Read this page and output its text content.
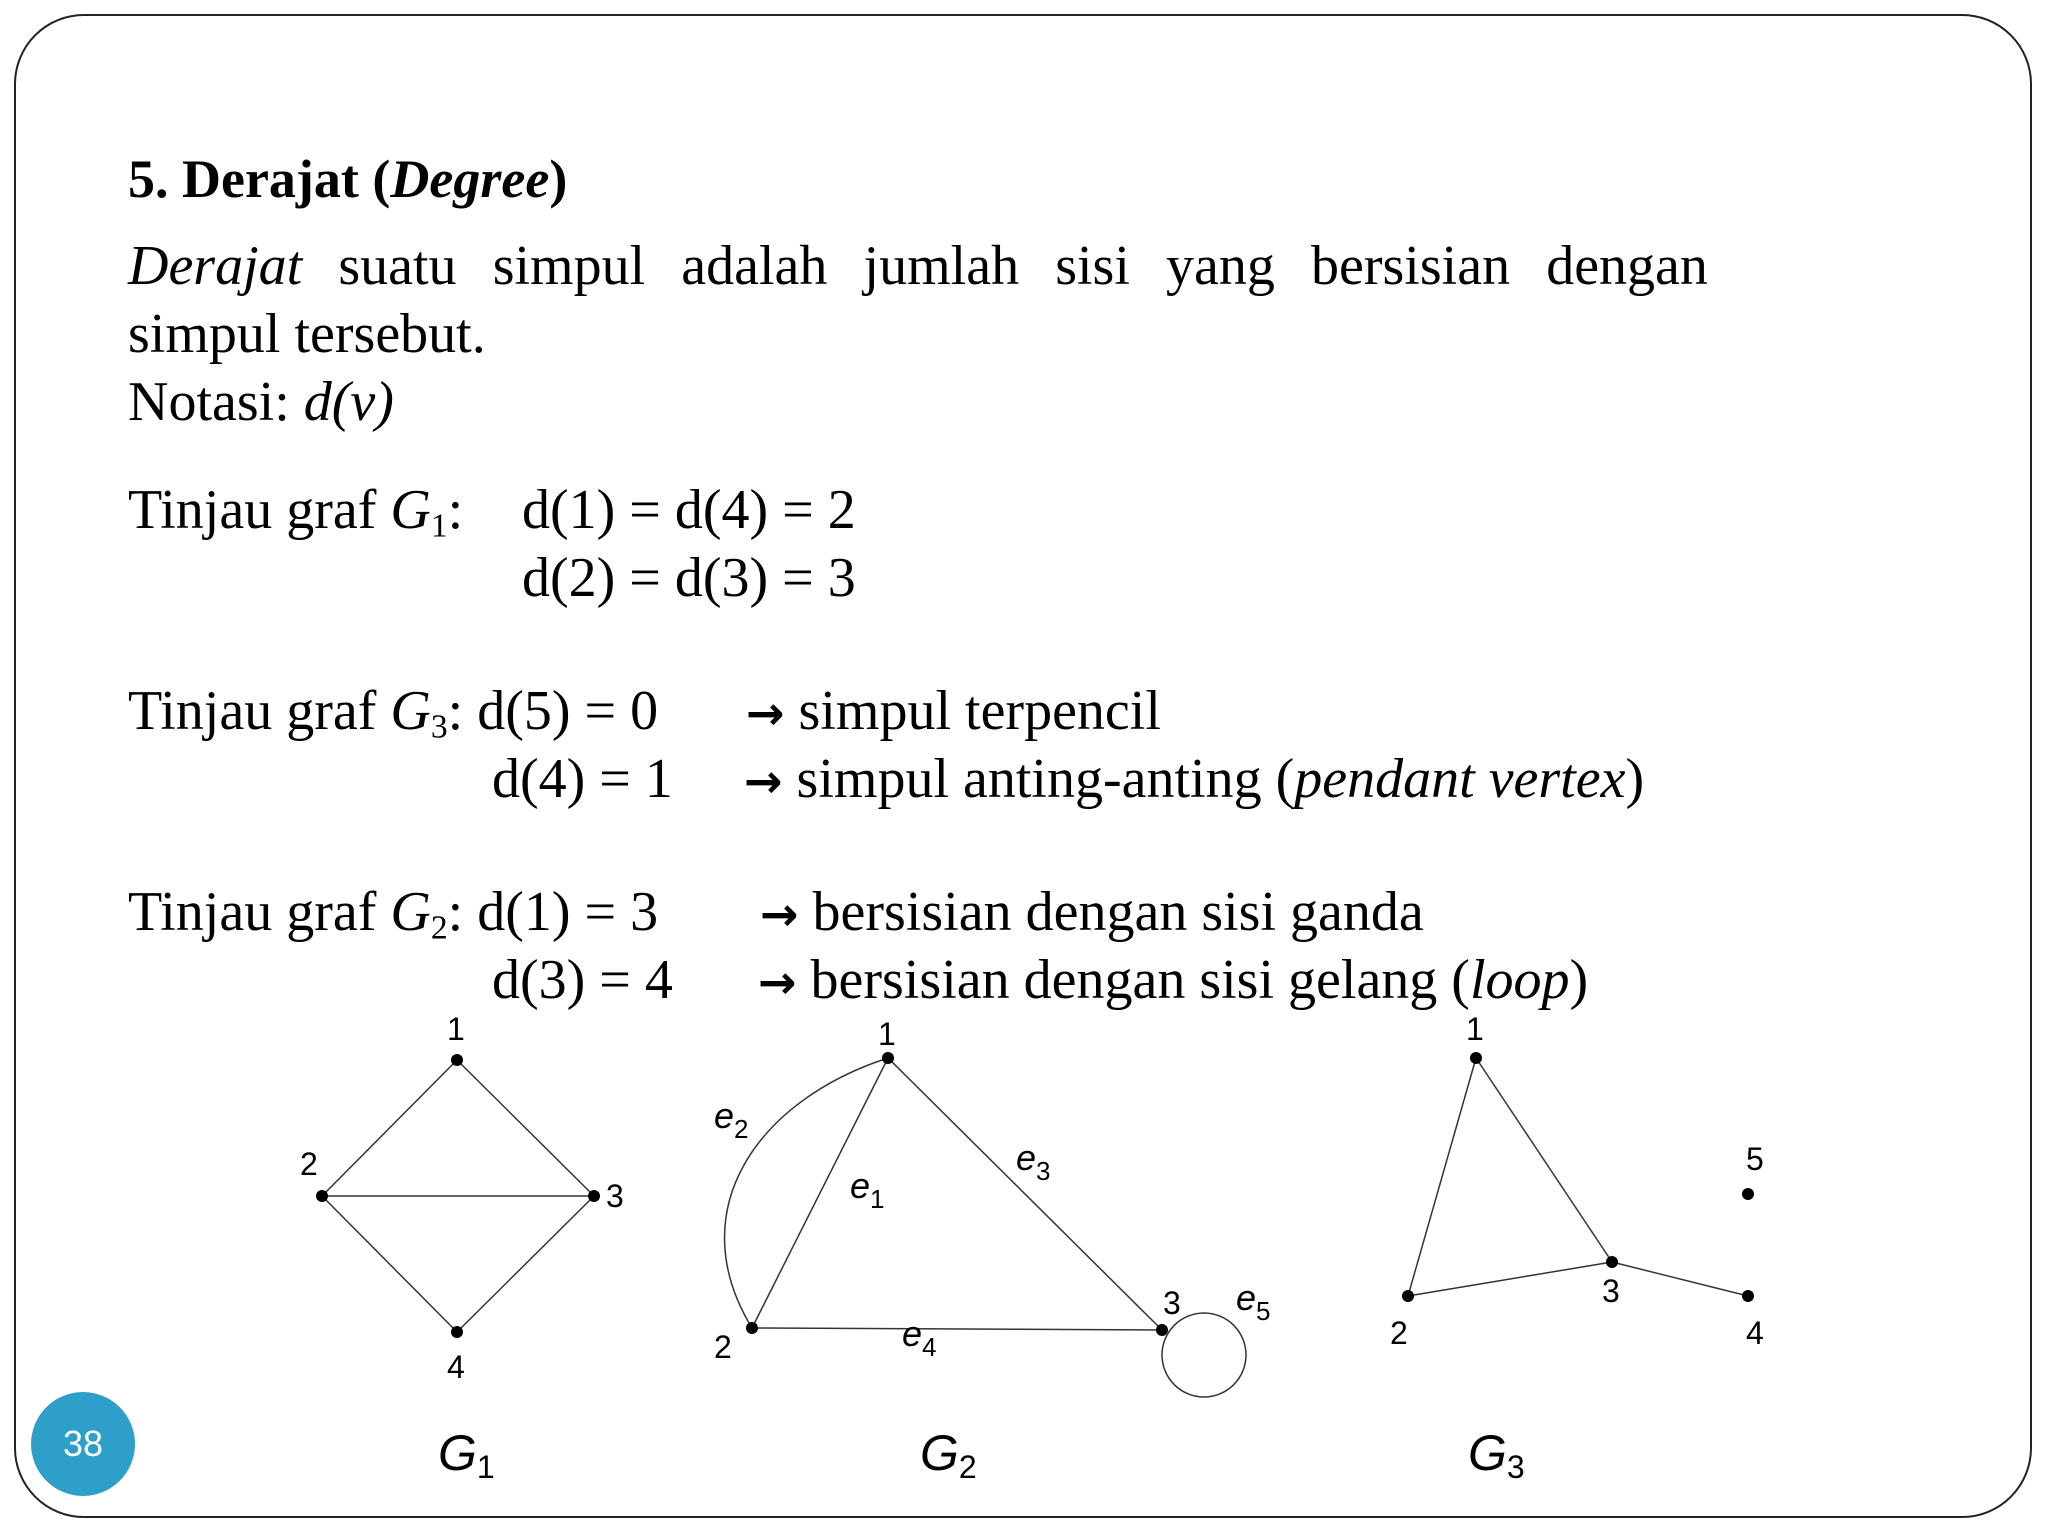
5. Derajat (Degree)
Derajat suatu simpul adalah jumlah sisi yang bersisian dengan
simpul tersebut.
Notasi: d(v)
Tinjau graf $G_1$: d(1) = d(4) = 2
d(2) = d(3) = 3
Tinjau graf $G_3$: d(5) = 0 → simpul terpencil
d(4) = 1 → simpul anting-anting (pendant vertex)
Tinjau graf $G_2$: d(1) = 3 → bersisian dengan sisi ganda
d(3) = 4 → bersisian dengan sisi gelang (loop)
1
2
3
4
G1
1
2
3
$e_1$
$e_2$
$e_3$
$e_4$
$e_5$
G2
1
2
3
4
5
G3
38
